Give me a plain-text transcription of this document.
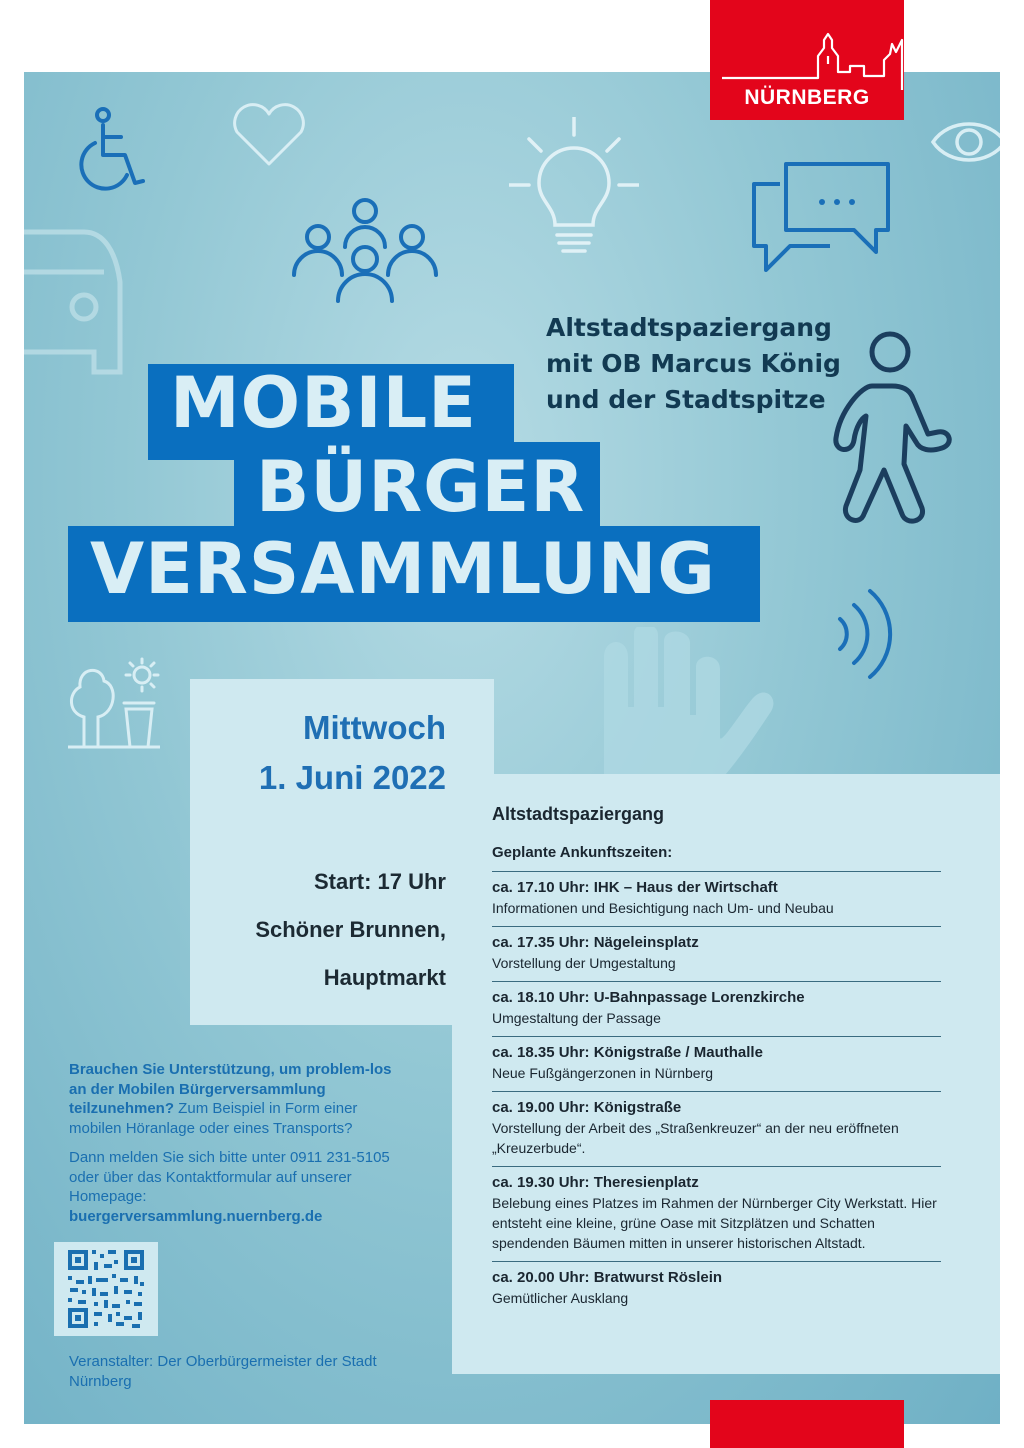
MOBILE
BÜRGER
VERSAMMLUNG
Altstadtspaziergang
mit OB Marcus König
und der Stadtspitze
Mittwoch
1. Juni 2022
Start: 17 Uhr
Schöner Brunnen,
Hauptmarkt
Altstadtspaziergang
Geplante Ankunftszeiten:
ca. 17.10 Uhr: IHK – Haus der Wirtschaft
Informationen und Besichtigung nach Um- und Neubau
ca. 17.35 Uhr: Nägeleinsplatz
Vorstellung der Umgestaltung
ca. 18.10 Uhr: U-Bahnpassage Lorenzkirche
Umgestaltung der Passage
ca. 18.35 Uhr: Königstraße / Mauthalle
Neue Fußgängerzonen in Nürnberg
ca. 19.00 Uhr: Königstraße
Vorstellung der Arbeit des „Straßenkreuzer“ an der neu eröffneten „Kreuzerbude“.
ca. 19.30 Uhr: Theresienplatz
Belebung eines Platzes im Rahmen der Nürnberger City Werkstatt. Hier entsteht eine kleine, grüne Oase mit Sitzplätzen und Schatten spendenden Bäumen mitten in unserer historischen Altstadt.
ca. 20.00 Uhr: Bratwurst Röslein
Gemütlicher Ausklang
Brauchen Sie Unterstützung, um problem-los an der Mobilen Bürgerversammlung teilzunehmen? Zum Beispiel in Form einer mobilen Höranlage oder eines Transports?
Dann melden Sie sich bitte unter 0911 231-5105 oder über das Kontaktformular auf unserer Homepage:
buergerversammlung.nuernberg.de
Veranstalter: Der Oberbürgermeister der Stadt Nürnberg
NÜRNBERG
